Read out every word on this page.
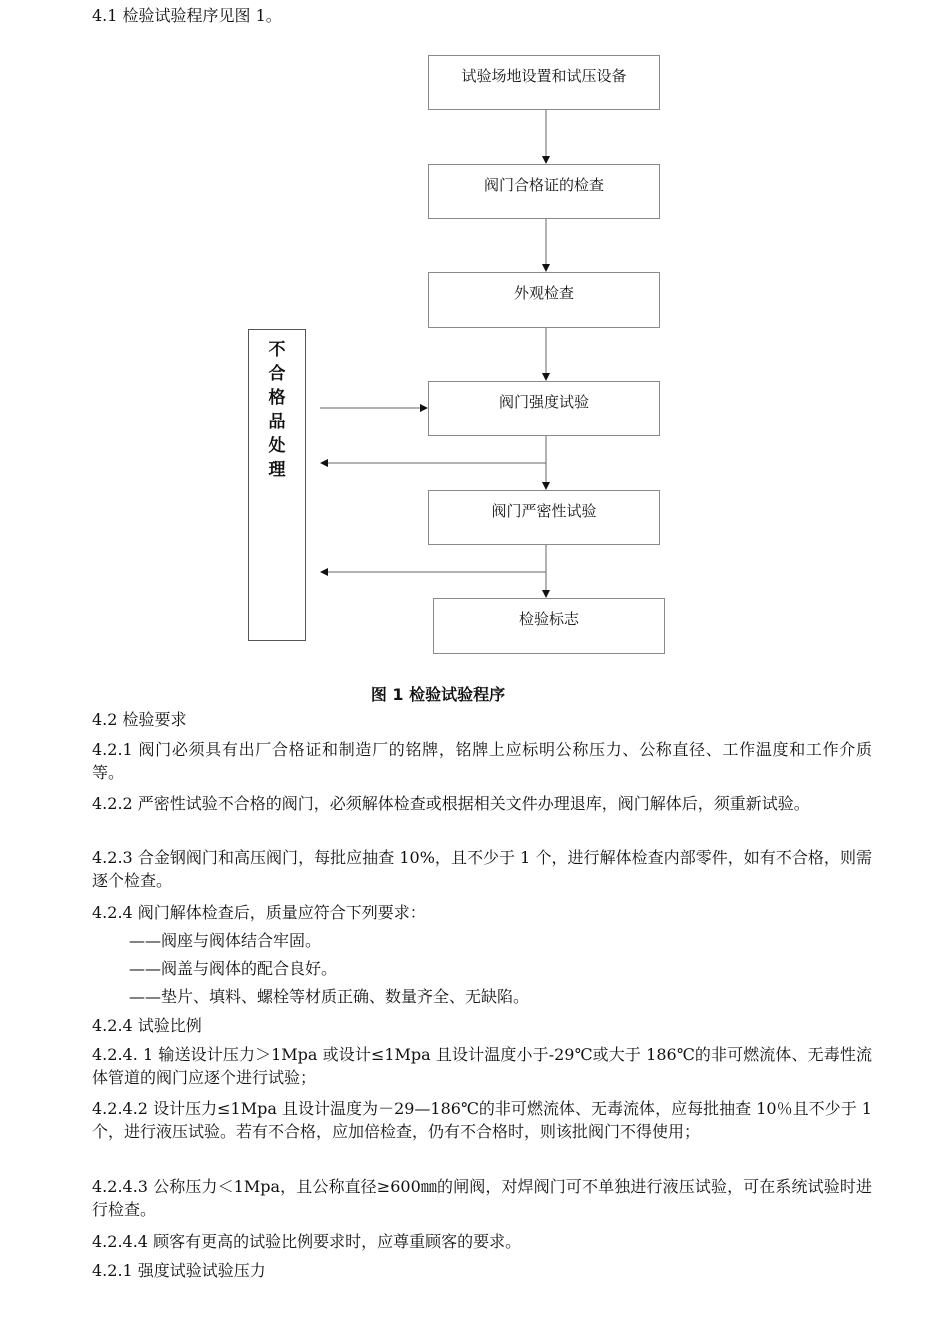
4.1 检验试验程序见图 1。
试验场地设置和试压设备
阀门合格证的检查
外观检查
阀门强度试验
阀门严密性试验
检验标志
不
合
格
品
处
理
图 1 检验试验程序
4.2 检验要求
4.2.1 阀门必须具有出厂合格证和制造厂的铭牌，铭牌上应标明公称压力、公称直径、工作温度和工作介质等。
4.2.2 严密性试验不合格的阀门，必须解体检查或根据相关文件办理退库，阀门解体后，须重新试验。
4.2.3 合金钢阀门和高压阀门，每批应抽查 10%，且不少于 1 个，进行解体检查内部零件，如有不合格，则需逐个检查。
4.2.4 阀门解体检查后，质量应符合下列要求：
——阀座与阀体结合牢固。
——阀盖与阀体的配合良好。
——垫片、填料、螺栓等材质正确、数量齐全、无缺陷。
4.2.4 试验比例
4.2.4. 1 输送设计压力＞1Mpa 或设计≤1Mpa 且设计温度小于-29℃或大于 186℃的非可燃流体、无毒性流体管道的阀门应逐个进行试验；
4.2.4.2 设计压力≤1Mpa 且设计温度为－29—186℃的非可燃流体、无毒流体，应每批抽查 10％且不少于 1 个，进行液压试验。若有不合格，应加倍检查，仍有不合格时，则该批阀门不得使用；
4.2.4.3 公称压力＜1Mpa，且公称直径≥600㎜的闸阀，对焊阀门可不单独进行液压试验，可在系统试验时进行检查。
4.2.4.4 顾客有更高的试验比例要求时，应尊重顾客的要求。
4.2.1 强度试验试验压力
